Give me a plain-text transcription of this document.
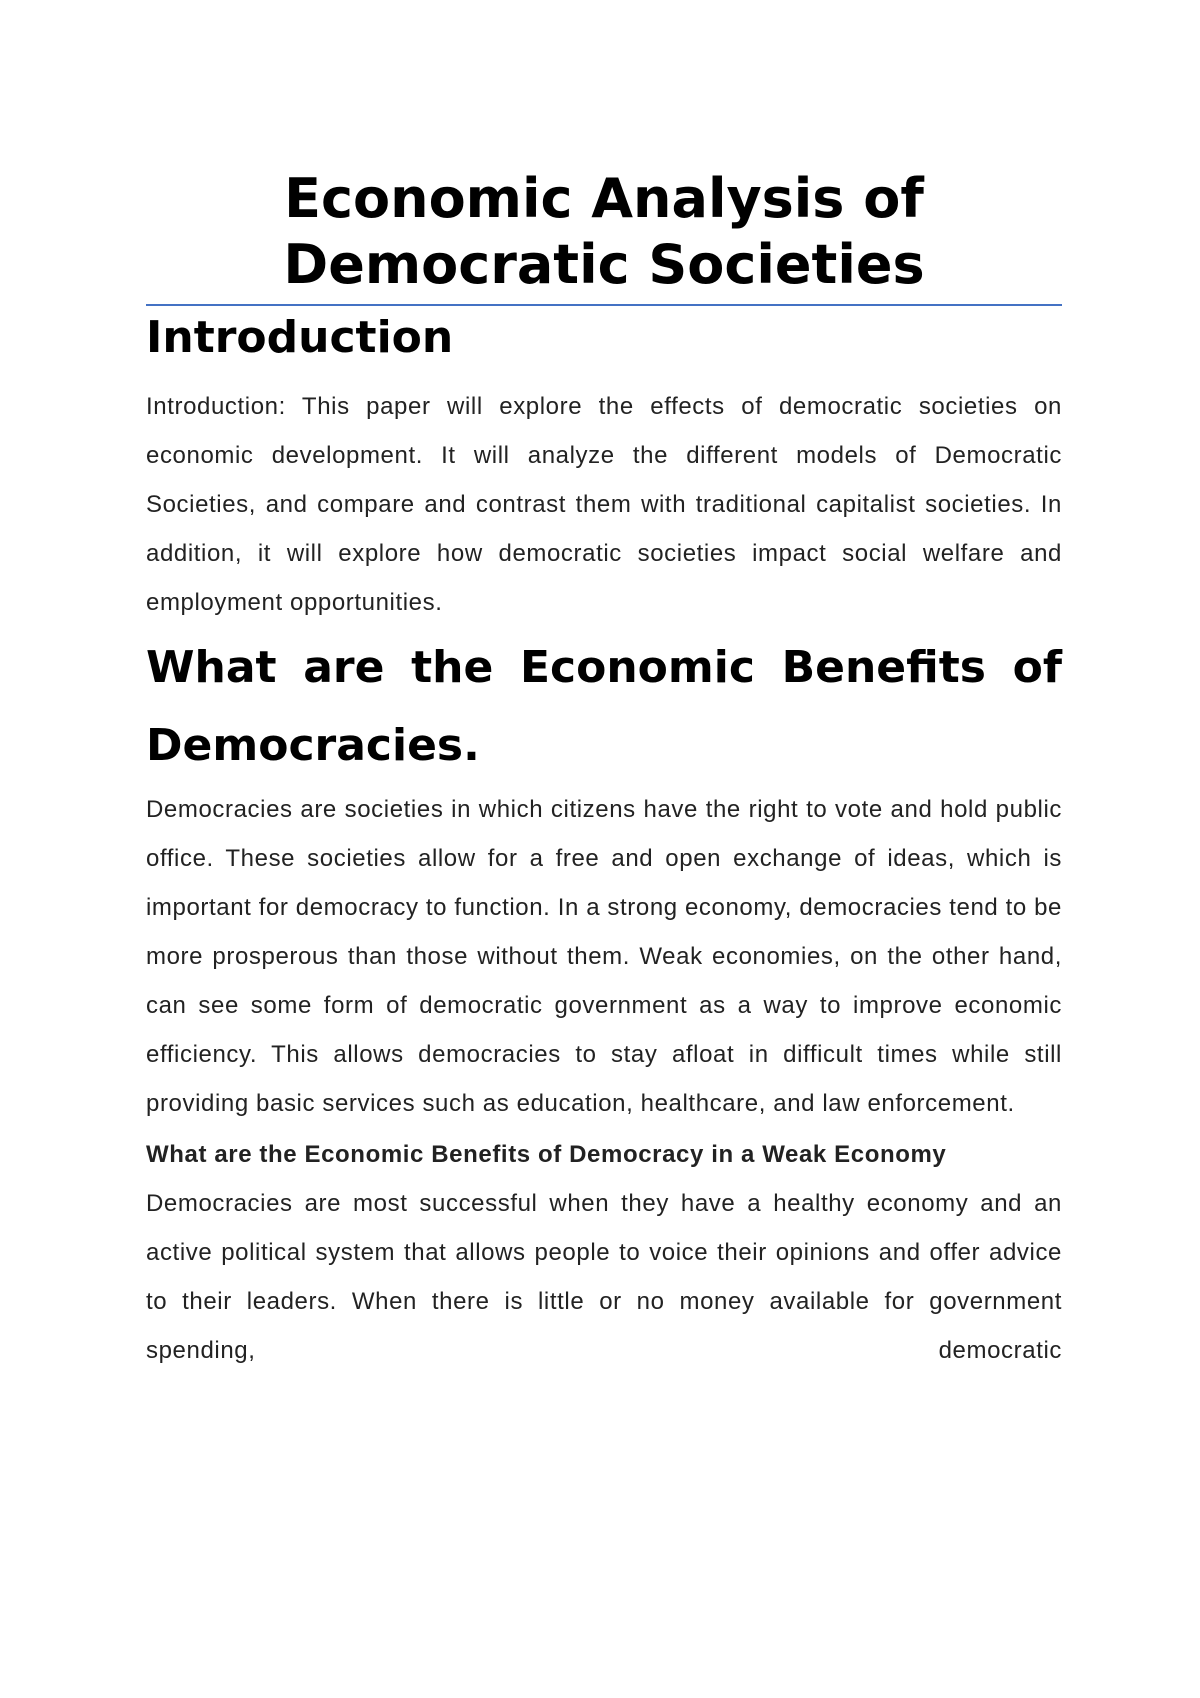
Economic Analysis of
Democratic Societies
Introduction

Introduction: This paper will explore the effects of democratic societies on economic development. It will analyze the different models of Democratic Societies, and compare and contrast them with traditional capitalist societies. In addition, it will explore how democratic societies impact social welfare and employment opportunities.

What are the Economic Benefits of Democracies.

Democracies are societies in which citizens have the right to vote and hold public office. These societies allow for a free and open exchange of ideas, which is important for democracy to function. In a strong economy, democracies tend to be more prosperous than those without them. Weak economies, on the other hand, can see some form of democratic government as a way to improve economic efficiency. This allows democracies to stay afloat in difficult times while still providing basic services such as education, healthcare, and law enforcement.

What are the Economic Benefits of Democracy in a Weak Economy

Democracies are most successful when they have a healthy economy and an active political system that allows people to voice their opinions and offer advice to their leaders. When there is little or no money available for government spending, democratic
